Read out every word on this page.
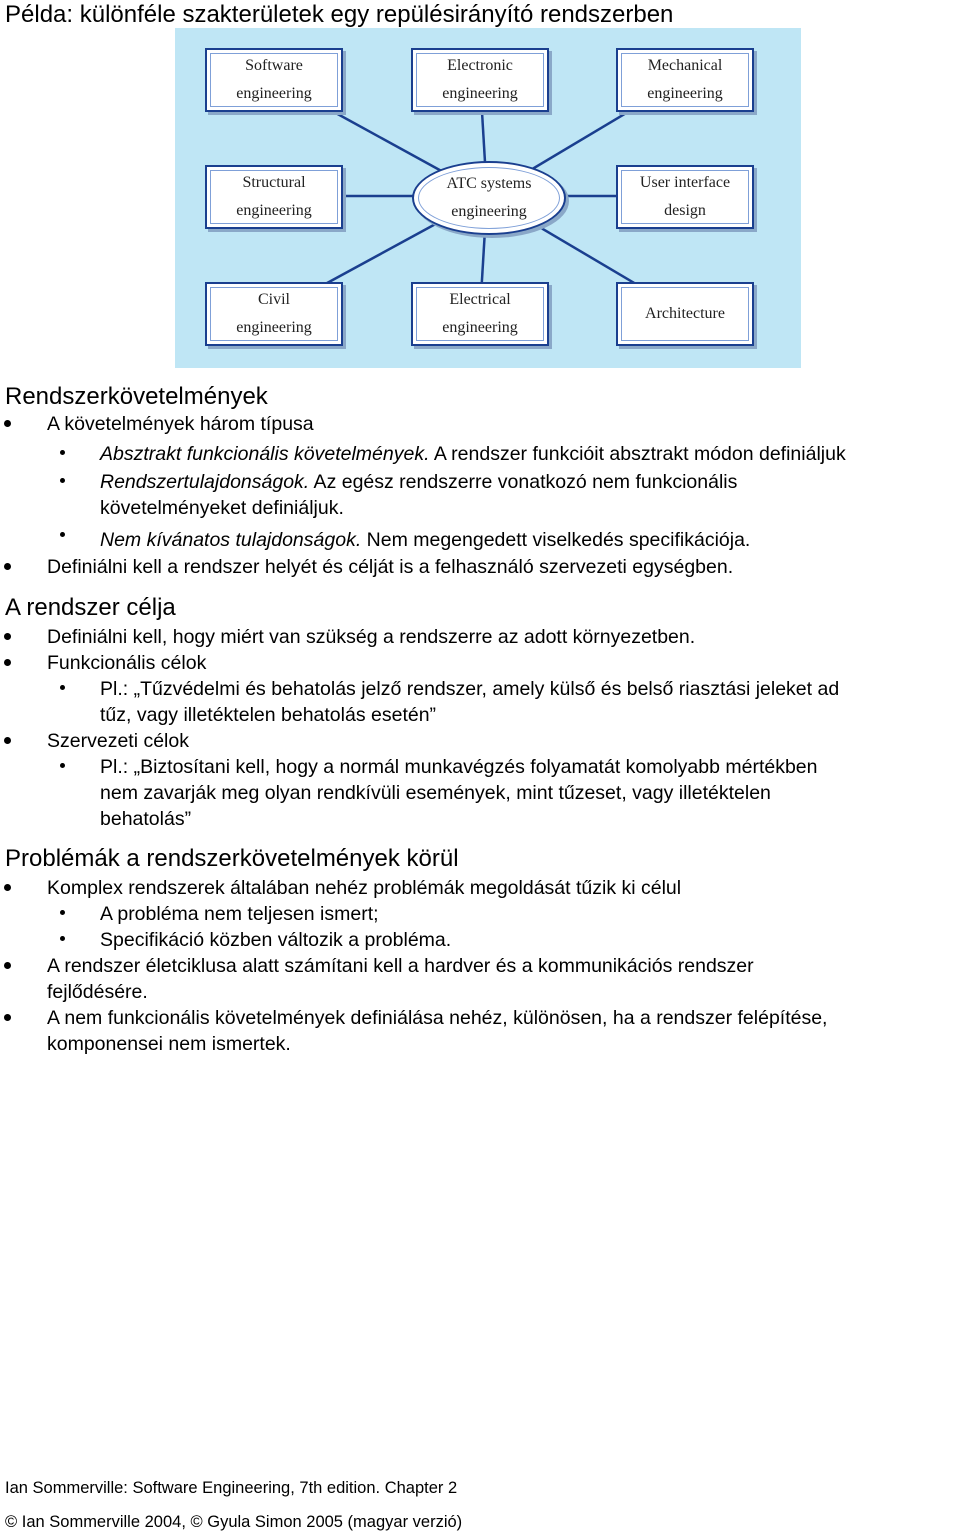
Példa: különféle szakterületek egy repülésirányító rendszerben
Software
engineering
Electronic
engineering
Mechanical
engineering
Structural
engineering
ATC systems
engineering
User interface
design
Civil
engineering
Electrical
engineering
Architecture
Rendszerkövetelmények
A követelmények három típusa
Absztrakt funkcionális követelmények. A rendszer funkcióit absztrakt módon definiáljuk
Rendszertulajdonságok. Az egész rendszerre vonatkozó nem funkcionális
követelményeket definiáljuk.
Nem kívánatos tulajdonságok. Nem megengedett viselkedés specifikációja.
Definiálni kell a rendszer helyét és célját is a felhasználó szervezeti egységben.
A rendszer célja
Definiálni kell, hogy miért van szükség a rendszerre az adott környezetben.
Funkcionális célok
Pl.: „Tűzvédelmi és behatolás jelző rendszer, amely külső és belső riasztási jeleket ad
tűz, vagy illetéktelen behatolás esetén”
Szervezeti célok
Pl.: „Biztosítani kell, hogy a normál munkavégzés folyamatát komolyabb mértékben
nem zavarják meg olyan rendkívüli események, mint tűzeset, vagy illetéktelen
behatolás”
Problémák a rendszerkövetelmények körül
Komplex rendszerek általában nehéz problémák megoldását tűzik ki célul
A probléma nem teljesen ismert;
Specifikáció közben változik a probléma.
A rendszer életciklusa alatt számítani kell a hardver és a kommunikációs rendszer
fejlődésére.
A nem funkcionális követelmények definiálása nehéz, különösen, ha a rendszer felépítése,
komponensei nem ismertek.
Ian Sommerville: Software Engineering, 7th edition. Chapter 2
© Ian Sommerville 2004, © Gyula Simon 2005 (magyar verzió)
